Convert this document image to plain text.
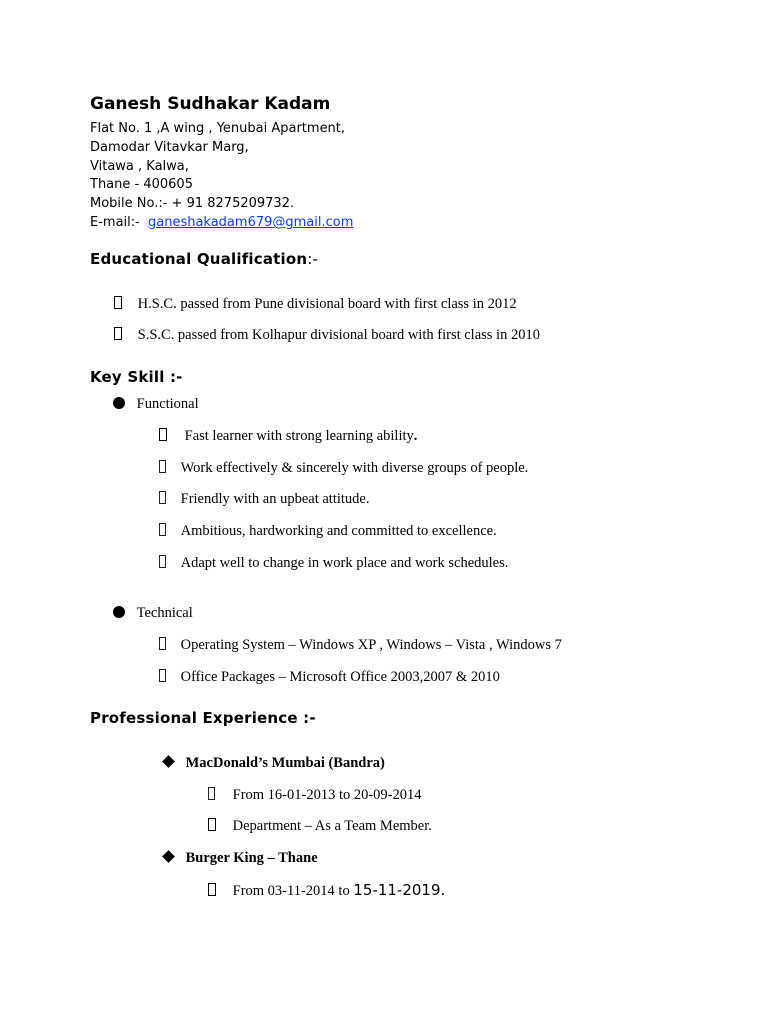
Ganesh Sudhakar Kadam
Flat No. 1 ,A wing , Yenubai Apartment,
Damodar Vitavkar Marg,
Vitawa , Kalwa,
Thane - 400605
Mobile No.:- + 91 8275209732.
E-mail:- ganeshakadam679@gmail.com
Educational Qualification:-
H.S.C. passed from Pune divisional board with first class in 2012
S.S.C. passed from Kolhapur divisional board with first class in 2010
Key Skill :-
Functional
Fast learner with strong learning ability.
Work effectively & sincerely with diverse groups of people.
Friendly with an upbeat attitude.
Ambitious, hardworking and committed to excellence.
Adapt well to change in work place and work schedules.
Technical
Operating System – Windows XP , Windows – Vista , Windows 7
Office Packages – Microsoft Office 2003,2007 & 2010
Professional Experience :-
MacDonald’s Mumbai (Bandra)
From 16-01-2013 to 20-09-2014
Department – As a Team Member.
Burger King – Thane
From 03-11-2014 to 15-11-2019.
